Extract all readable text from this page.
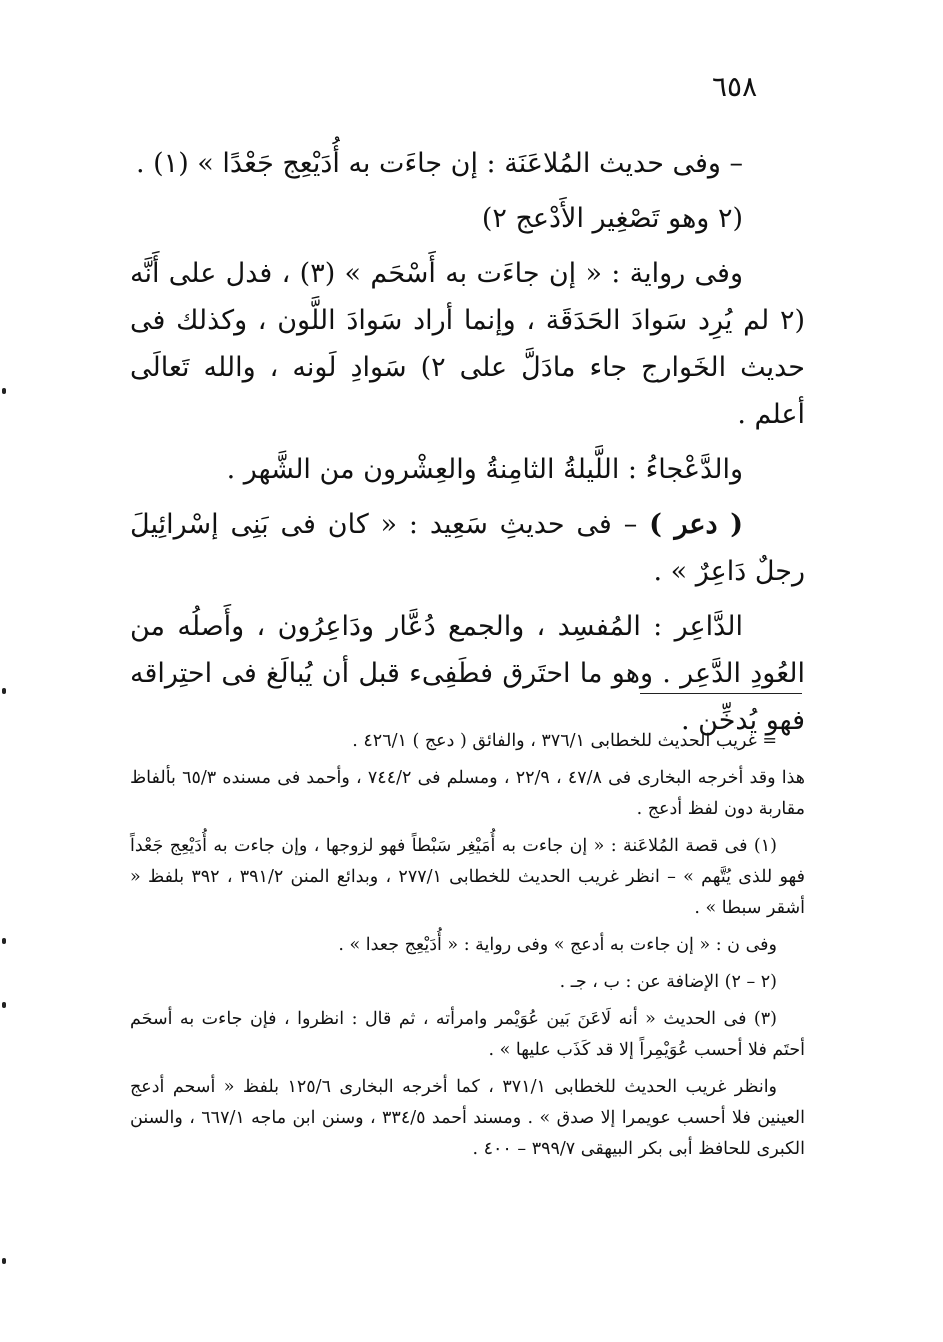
٦٥٨

– وفى حديث المُلاعَنَة : إن جاءَت به أُدَيْعِج جَعْدًا » (١) .

(٢ وهو تَصْغِير الأَدْعج ٢)

وفى رواية : « إن جاءَت به أَسْحَم » (٣) ، فدل على أَنَّه (٢ لم يُرِد سَوادَ الحَدَقَة ، وإنما أراد سَوادَ اللَّون ، وكذلك فى حديث الخَوارج جاء مادَلَّ على ٢) سَوادِ لَونه ، والله تَعالَى أعلم .

والدَّعْجاءُ : اللَّيلةُ الثامِنةُ والعِشْرون من الشَّهر .

( دعر ) – فى حديثِ سَعِيد : « كان فى بَنِى إسْرائِيلَ رجلٌ دَاعِرٌ » .

الدَّاعِر : المُفسِد ، والجمع دُعَّار ودَاعِرُون ، وأَصلُه من العُودِ الدَّعِر . وهو ما احتَرق فطَفِىء قبل أن يُبالَغ فى احتِراقه فهو يُدخِّن .

= غريب الحديث للخطابى ٣٧٦/١ ، والفائق ( دعج ) ٤٢٦/١ .

هذا وقد أخرجه البخارى فى ٤٧/٨ ، ٢٢/٩ ، ومسلم فى ٧٤٤/٢ ، وأحمد فى مسنده ٦٥/٣ بألفاظ مقاربة دون لفظ أدعج .

(١) فى قصة المُلاعَنة : « إن جاءت به أُمَيْغِر سَبْطاً فهو لزوجها ، وإن جاءت به أُدَيْعِج جَعْداً فهو للذى يُتَّهم » – انظر غريب الحديث للخطابى ٢٧٧/١ ، وبدائع المنن ٣٩١/٢ ، ٣٩٢ بلفظ « أشقر سبطا » .

وفى ن : « إن جاءت به أدعج » وفى رواية : « أُدَيْعِج جعدا » .

(٢ – ٢) الإضافة عن : ب ، جـ .

(٣) فى الحديث « أنه لَاعَنَ بَين عُوَيْمر وامرأته ، ثم قال : انظروا ، فإن جاءت به أسحَم أحتَم فلا أحسب عُوَيْمِراً إلا قد كَذَب عليها » .

وانظر غريب الحديث للخطابى ٣٧١/١ ، كما أخرجه البخارى ١٢٥/٦ بلفظ « أسحم أدعج العينين فلا أحسب عويمرا إلا صدق » . ومسند أحمد ٣٣٤/٥ ، وسنن ابن ماجه ٦٦٧/١ ، والسنن الكبرى للحافظ أبى بكر البيهقى ٣٩٩/٧ – ٤٠٠ .
